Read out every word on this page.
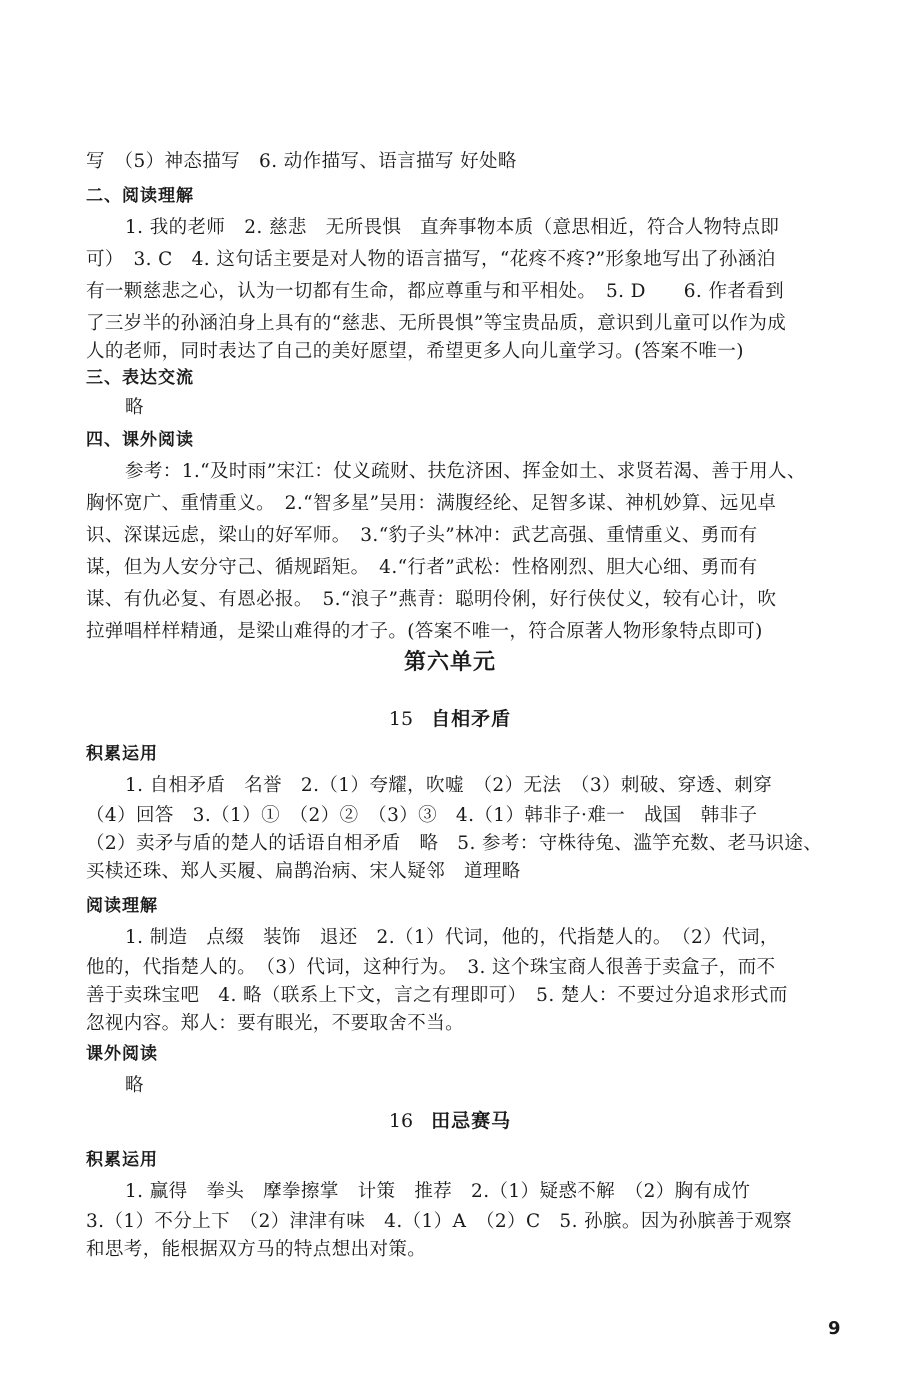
写　（5）神态描写　6. 动作描写、语言描写 好处略
二、阅读理解
1. 我的老师　2. 慈悲　无所畏惧　直奔事物本质（意思相近，符合人物特点即
可）　3. C　4. 这句话主要是对人物的语言描写，“花疼不疼?”形象地写出了孙涵泊
有一颗慈悲之心，认为一切都有生命，都应尊重与和平相处。　5. D　　6. 作者看到
了三岁半的孙涵泊身上具有的“慈悲、无所畏惧”等宝贵品质，意识到儿童可以作为成
人的老师，同时表达了自己的美好愿望，希望更多人向儿童学习。(答案不唯一)
三、表达交流
略
四、课外阅读
参考：1.“及时雨”宋江：仗义疏财、扶危济困、挥金如土、求贤若渴、善于用人、
胸怀宽广、重情重义。　2.“智多星”吴用：满腹经纶、足智多谋、神机妙算、远见卓
识、深谋远虑，梁山的好军师。　3.“豹子头”林冲：武艺高强、重情重义、勇而有
谋，但为人安分守己、循规蹈矩。　4.“行者”武松：性格刚烈、胆大心细、勇而有
谋、有仇必复、有恩必报。　5.“浪子”燕青：聪明伶俐，好行侠仗义，较有心计，吹
拉弹唱样样精通，是梁山难得的才子。(答案不唯一，符合原著人物形象特点即可)
第六单元
15 自相矛盾
积累运用
1. 自相矛盾　名誉　2.（1）夸耀，吹嘘　（2）无法　（3）刺破、穿透、刺穿
（4）回答　3.（1）①　（2）②　（3）③　4.（1）韩非子·难一　战国　韩非子
（2）卖矛与盾的楚人的话语自相矛盾　略　5. 参考：守株待兔、滥竽充数、老马识途、
买椟还珠、郑人买履、扁鹊治病、宋人疑邻　道理略
阅读理解
1. 制造　点缀　装饰　退还　2.（1）代词，他的，代指楚人的。　（2）代词，
他的，代指楚人的。　（3）代词，这种行为。　3. 这个珠宝商人很善于卖盒子，而不
善于卖珠宝吧　4. 略（联系上下文，言之有理即可）　5. 楚人：不要过分追求形式而
忽视内容。郑人：要有眼光，不要取舍不当。
课外阅读
略
16 田忌赛马
积累运用
1. 赢得　拳头　摩拳擦掌　计策　推荐　2.（1）疑惑不解　（2）胸有成竹
3.（1）不分上下　（2）津津有味　4.（1）A　（2）C　5. 孙膑。因为孙膑善于观察
和思考，能根据双方马的特点想出对策。
9
